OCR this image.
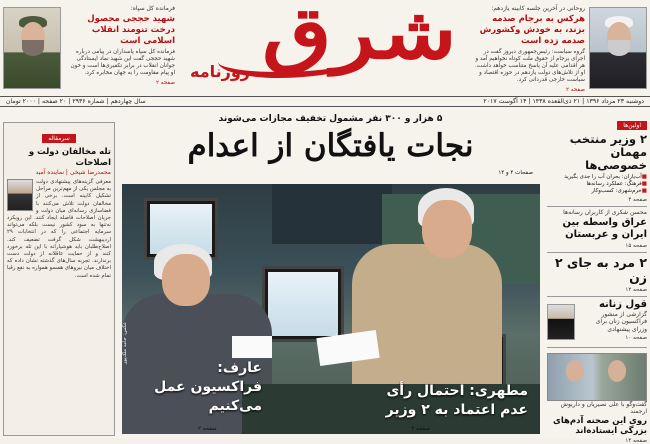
روحانی در آخرین جلسه کابینه یازدهم:
هرکس به برجام صدمه بزند، به خودش وکشورش صدمه زده است
گروه سیاست: رئیس‌جمهوری دیروز گفت در اجرای برجام از حقوق ملت کوتاه نخواهیم آمد و هر اقدامی علیه آن پاسخ متناسب خواهد داشت. او از تلاش‌های دولت یازدهم در حوزه اقتصاد و سیاست خارجی قدردانی کرد.
صفحه ۲
شرق
روزنامه
فرمانده کل سپاه:
شهید حججی محصول درخت تنومند انقلاب اسلامی است
فرمانده کل سپاه پاسداران در پیامی درباره شهید حججی گفت این شهید نماد ایستادگی جوانان انقلاب در برابر تکفیری‌ها است و خون او پیام مقاومت را به جهان مخابره کرد.
صفحه ۲
دوشنبه ۲۳ مرداد ۱۳۹۶ | ۲۱ ذی‌القعده ۱۴۳۸ | ۱۴ آگوست ۲۰۱۷
سال چهاردهم | شماره ۲۹۳۶ | ۲۰ صفحه | ۲۰۰۰ تومان
سرمقاله
تله مخالفان دولت و اصلاحات
محمدرضا شیخی | نماینده آمید
معرفی گزینه‌های پیشنهادی دولت به مجلس یکی از مهم‌ترین مراحل تشکیل کابینه است. برخی از مخالفان دولت تلاش می‌کنند با فضاسازی رسانه‌ای میان دولت و جریان اصلاحات فاصله ایجاد کنند. این رویکرد نه‌تنها به سود کشور نیست بلکه می‌تواند سرمایه اجتماعی را که در انتخابات ۲۹ اردیبهشت شکل گرفت تضعیف کند. اصلاح‌طلبان باید هوشیارانه با این تله برخورد کنند و از حمایت عاقلانه از دولت دست برندارند. تجربه سال‌های گذشته نشان داده که اختلاف میان نیروهای همسو همواره به نفع رقبا تمام شده است.
۵ هزار و ۳۰۰ نفر مشمول تخفیف مجازات می‌شوند
نجات یافتگان از اعدام
صفحات ۴ و ۱۴
مطهری: احتمال رأی عدم اعتماد به ۲ وزیر
عارف: فراکسیون عمل می‌کنیم
عکس: حامد ملک‌پور
صفحه ۲
صفحه ۲
اولین‌ها
۲ وزیر منتخب مهمان خصوصی‌ها
■ آب‌یاران: بحران آب را جدی بگیرید
■ فرهنگ: عملکرد رسانه‌ها
■ خرم‌شهری: کسب‌وکار
صفحه ۴
محسن شکری از کاربران رسانه‌ها
عراق واسطه بین ایران و عربستان
صفحه ۱۵
۲ مرد به جای ۲ زن
صفحه ۱۲
قول زنانه
گزارشی از منشور فراکسیون زنان برای وزرای پیشنهادی
صفحه ۱۰
گفت‌وگو با علی نصیریان و داریوش ارجمند
روی این صحنه آدم‌های بزرگی ایستاده‌اند
صفحه ۱۴
